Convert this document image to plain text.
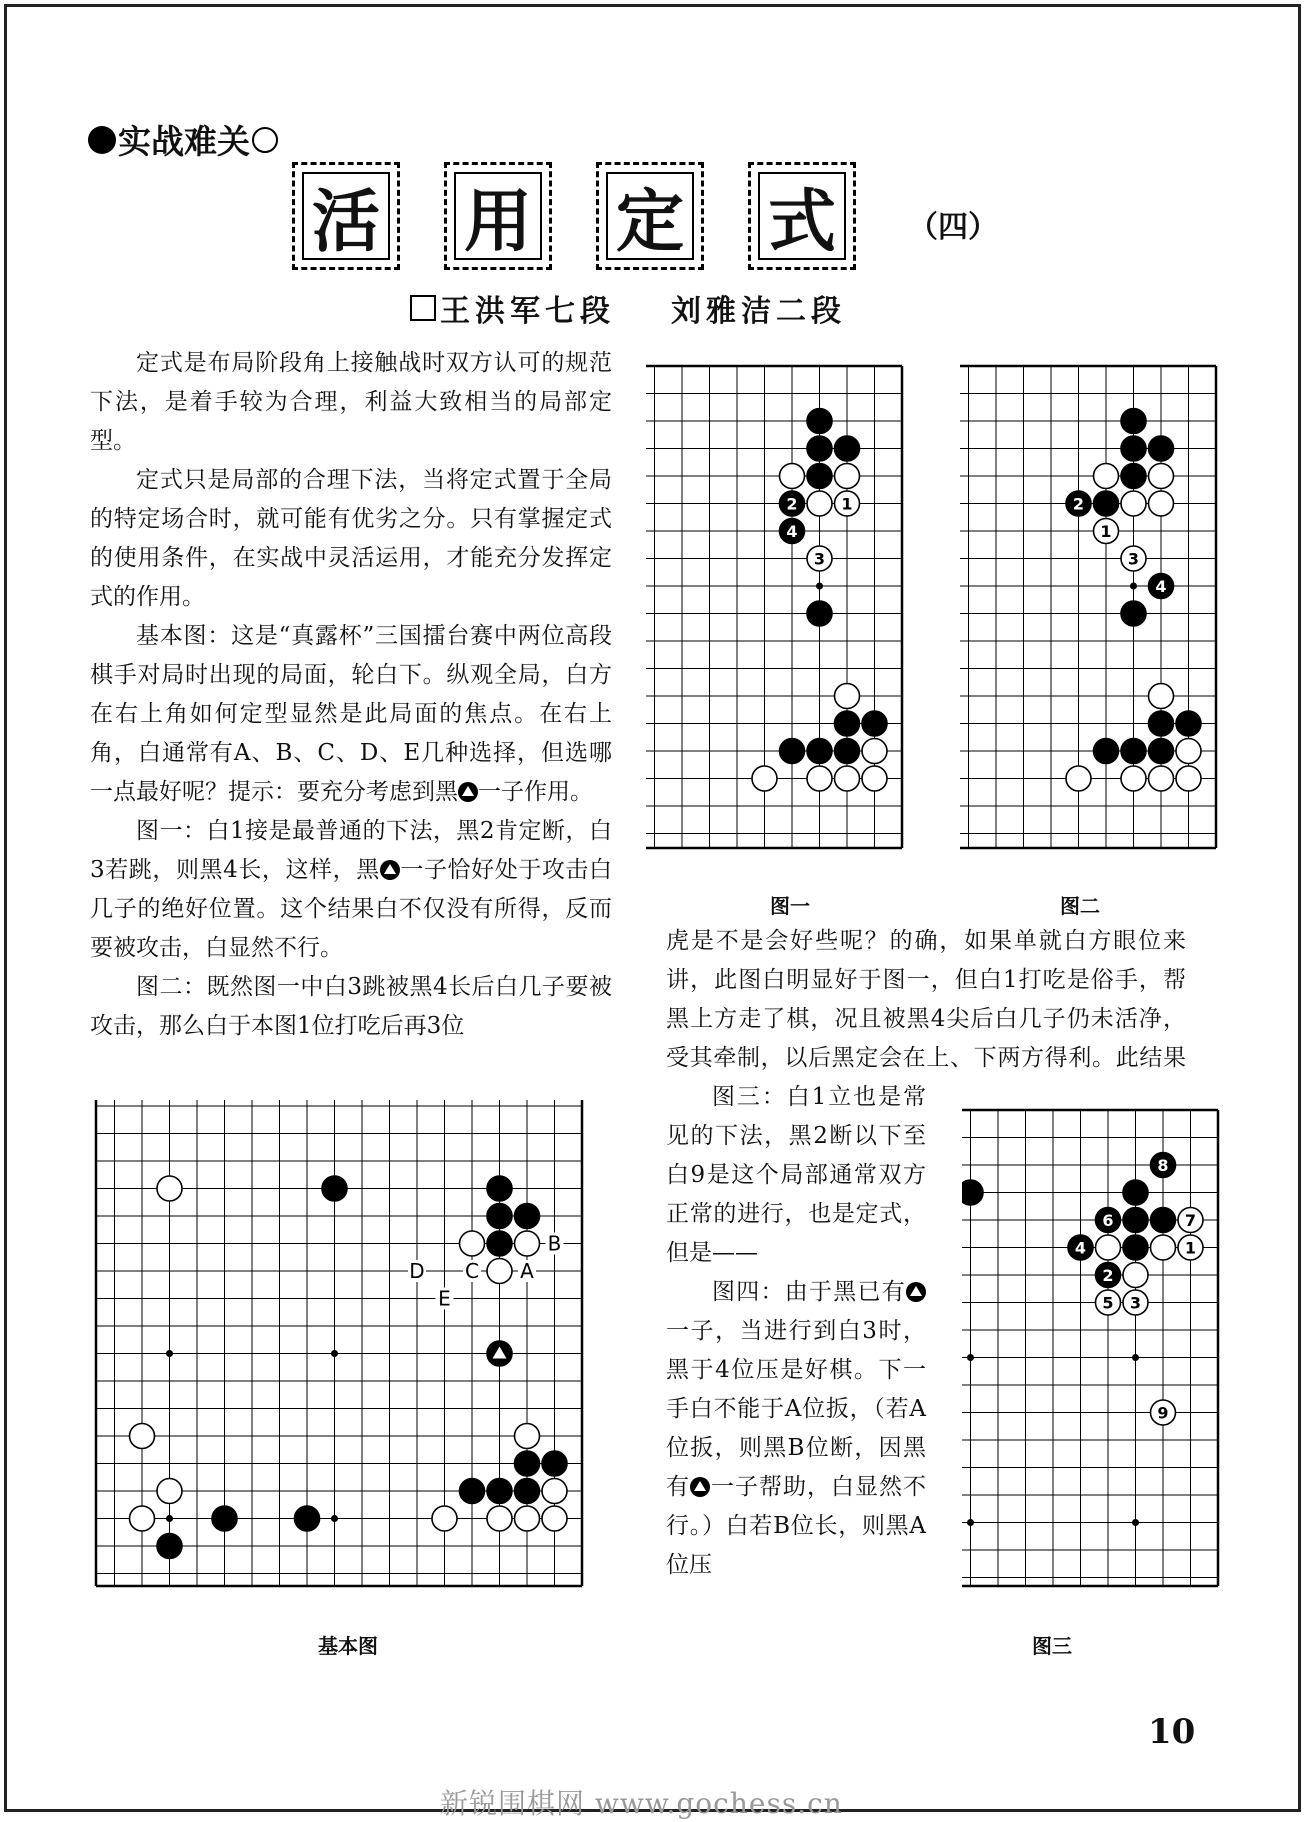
实战难关
活 用 定 式	（四）
王洪军七段 刘雅洁二段

定式是布局阶段角上接触战时双方认可的规范下法，是着手较为合理，利益大致相当的局部定型。

定式只是局部的合理下法，当将定式置于全局的特定场合时，就可能有优劣之分。只有掌握定式的使用条件，在实战中灵活运用，才能充分发挥定式的作用。

基本图：这是“真露杯”三国擂台赛中两位高段棋手对局时出现的局面，轮白下。纵观全局，白方在右上角如何定型显然是此局面的焦点。在右上角，白通常有A、B、C、D、E几种选择，但选哪一点最好呢？提示：要充分考虑到黑 一子作用。

图一：白1接是最普通的下法，黑2肯定断，白3若跳，则黑4长，这样，黑 一子恰好处于攻击白几子的绝好位置。这个结果白不仅没有所得，反而要被攻击，白显然不行。

图二：既然图一中白3跳被黑4长后白几子要被攻击，那么白于本图1位打吃后再3位

2	1
4
3
图一
2
1
3
4
图二

虎是不是会好些呢？的确，如果单就白方眼位来讲，此图白明显好于图一，但白1打吃是俗手，帮黑上方走了棋，况且被黑4尖后白几子仍未活净，受其牵制，以后黑定会在上、下两方得利。此结果

图三：白1立也是常见的下法，黑2断以下至白9是这个局部通常双方正常的进行，也是定式，但是——

图四：由于黑已有一子，当进行到白3时，黑于4位压是好棋。下一手白不能于A位扳，（若A位扳，则黑B位断，因黑有 一子帮助，白显然不行。）白若B位长，则黑A位压

B
A
C
D
E
基本图
8
6	7
4	1
2
5 3
9
图三
10
新锐围棋网 www.gochess.cn
